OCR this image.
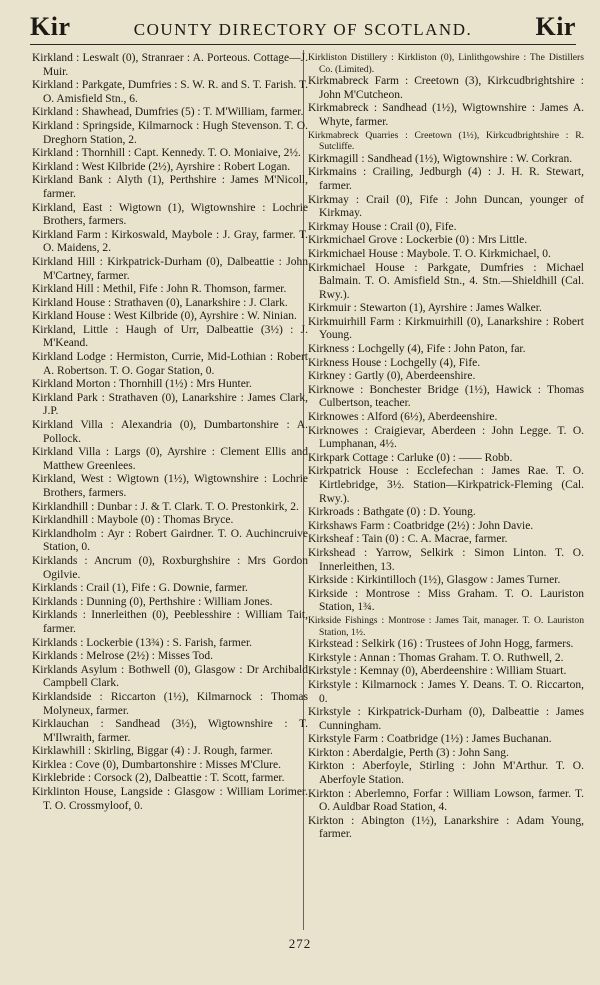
Kir	COUNTY DIRECTORY OF SCOTLAND. Kir
Kirkland : Leswalt (0), Stranraer : A. Porteous. Cottage—J. Muir.
Kirkland : Parkgate, Dumfries : S. W. R. and S. T. Farish. T. O. Amisfield Stn., 6.
Kirkland : Shawhead, Dumfries (5) : T. M'William, farmer.
Kirkland : Springside, Kilmarnock : Hugh Stevenson. T. O. Dreghorn Station, 2.
Kirkland : Thornhill : Capt. Kennedy. T. O. Moniaive, 2½.
Kirkland : West Kilbride (2½), Ayrshire : Robert Logan.
Kirkland Bank : Alyth (1), Perthshire : James M'Nicoll, farmer.
Kirkland, East : Wigtown (1), Wigtownshire : Lochrie Brothers, farmers.
Kirkland Farm : Kirkoswald, Maybole : J. Gray, farmer. T. O. Maidens, 2.
Kirkland Hill : Kirkpatrick-Durham (0), Dalbeattie : John M'Cartney, farmer.
Kirkland Hill : Methil, Fife : John R. Thomson, farmer.
Kirkland House : Strathaven (0), Lanarkshire : J. Clark.
Kirkland House : West Kilbride (0), Ayrshire : W. Ninian.
Kirkland, Little : Haugh of Urr, Dalbeattie (3½) : J. M'Keand.
Kirkland Lodge : Hermiston, Currie, Mid-Lothian : Robert A. Robertson. T. O. Gogar Station, 0.
Kirkland Morton : Thornhill (1½) : Mrs Hunter.
Kirkland Park : Strathaven (0), Lanarkshire : James Clark, J.P.
Kirkland Villa : Alexandria (0), Dumbartonshire : A. Pollock.
Kirkland Villa : Largs (0), Ayrshire : Clement Ellis and Matthew Greenlees.
Kirkland, West : Wigtown (1½), Wigtownshire : Lochrie Brothers, farmers.
Kirklandhill : Dunbar : J. & T. Clark. T. O. Prestonkirk, 2.
Kirklandhill : Maybole (0) : Thomas Bryce.
Kirklandholm : Ayr : Robert Gairdner. T. O. Auchincruive Station, 0.
Kirklands : Ancrum (0), Roxburghshire : Mrs Gordon Ogilvie.
Kirklands : Crail (1), Fife : G. Downie, farmer.
Kirklands : Dunning (0), Perthshire : William Jones.
Kirklands : Innerleithen (0), Peeblesshire : William Tait, farmer.
Kirklands : Lockerbie (13¾) : S. Farish, farmer.
Kirklands : Melrose (2½) : Misses Tod.
Kirklands Asylum : Bothwell (0), Glasgow : Dr Archibald Campbell Clark.
Kirklandside : Riccarton (1½), Kilmarnock : Thomas Molyneux, farmer.
Kirklauchan : Sandhead (3½), Wigtownshire : T. M'Ilwraith, farmer.
Kirklawhill : Skirling, Biggar (4) : J. Rough, farmer.
Kirklea : Cove (0), Dumbartonshire : Misses M'Clure.
Kirklebride : Corsock (2), Dalbeattie : T. Scott, farmer.
Kirklinton House, Langside : Glasgow : William Lorimer. T. O. Crossmyloof, 0.
Kirkliston Distillery : Kirkliston (0), Linlithgowshire : The Distillers Co. (Limited).
Kirkmabreck Farm : Creetown (3), Kirkcudbrightshire : John M'Cutcheon.
Kirkmabreck : Sandhead (1½), Wigtownshire : James A. Whyte, farmer.
Kirkmabreck Quarries : Creetown (1½), Kirkcudbrightshire : R. Sutcliffe.
Kirkmagill : Sandhead (1½), Wigtownshire : W. Corkran.
Kirkmains : Crailing, Jedburgh (4) : J. H. R. Stewart, farmer.
Kirkmay : Crail (0), Fife : John Duncan, younger of Kirkmay.
Kirkmay House : Crail (0), Fife.
Kirkmichael Grove : Lockerbie (0) : Mrs Little.
Kirkmichael House : Maybole. T. O. Kirkmichael, 0.
Kirkmichael House : Parkgate, Dumfries : Michael Balmain. T. O. Amisfield Stn., 4. Stn.—Shieldhill (Cal. Rwy.).
Kirkmuir : Stewarton (1), Ayrshire : James Walker.
Kirkmuirhill Farm : Kirkmuirhill (0), Lanarkshire : Robert Young.
Kirkness : Lochgelly (4), Fife : John Paton, far.
Kirkness House : Lochgelly (4), Fife.
Kirkney : Gartly (0), Aberdeenshire.
Kirknowe : Bonchester Bridge (1½), Hawick : Thomas Culbertson, teacher.
Kirknowes : Alford (6½), Aberdeenshire.
Kirknowes : Craigievar, Aberdeen : John Legge. T. O. Lumphanan, 4½.
Kirkpark Cottage : Carluke (0) : —— Robb.
Kirkpatrick House : Ecclefechan : James Rae. T. O. Kirtlebridge, 3½. Station—Kirkpatrick-Fleming (Cal. Rwy.).
Kirkroads : Bathgate (0) : D. Young.
Kirkshaws Farm : Coatbridge (2½) : John Davie.
Kirksheaf : Tain (0) : C. A. Macrae, farmer.
Kirkshead : Yarrow, Selkirk : Simon Linton. T. O. Innerleithen, 13.
Kirkside : Kirkintilloch (1½), Glasgow : James Turner.
Kirkside : Montrose : Miss Graham. T. O. Lauriston Station, 1¾.
Kirkside Fishings : Montrose : James Tait, manager. T. O. Lauriston Station, 1½.
Kirkstead : Selkirk (16) : Trustees of John Hogg, farmers.
Kirkstyle : Annan : Thomas Graham. T. O. Ruthwell, 2.
Kirkstyle : Kemnay (0), Aberdeenshire : William Stuart.
Kirkstyle : Kilmarnock : James Y. Deans. T. O. Riccarton, 0.
Kirkstyle : Kirkpatrick-Durham (0), Dalbeattie : James Cunningham.
Kirkstyle Farm : Coatbridge (1½) : James Buchanan.
Kirkton : Aberdalgie, Perth (3) : John Sang.
Kirkton : Aberfoyle, Stirling : John M'Arthur. T. O. Aberfoyle Station.
Kirkton : Aberlemno, Forfar : William Lowson, farmer. T. O. Auldbar Road Station, 4.
Kirkton : Abington (1½), Lanarkshire : Adam Young, farmer.
272
